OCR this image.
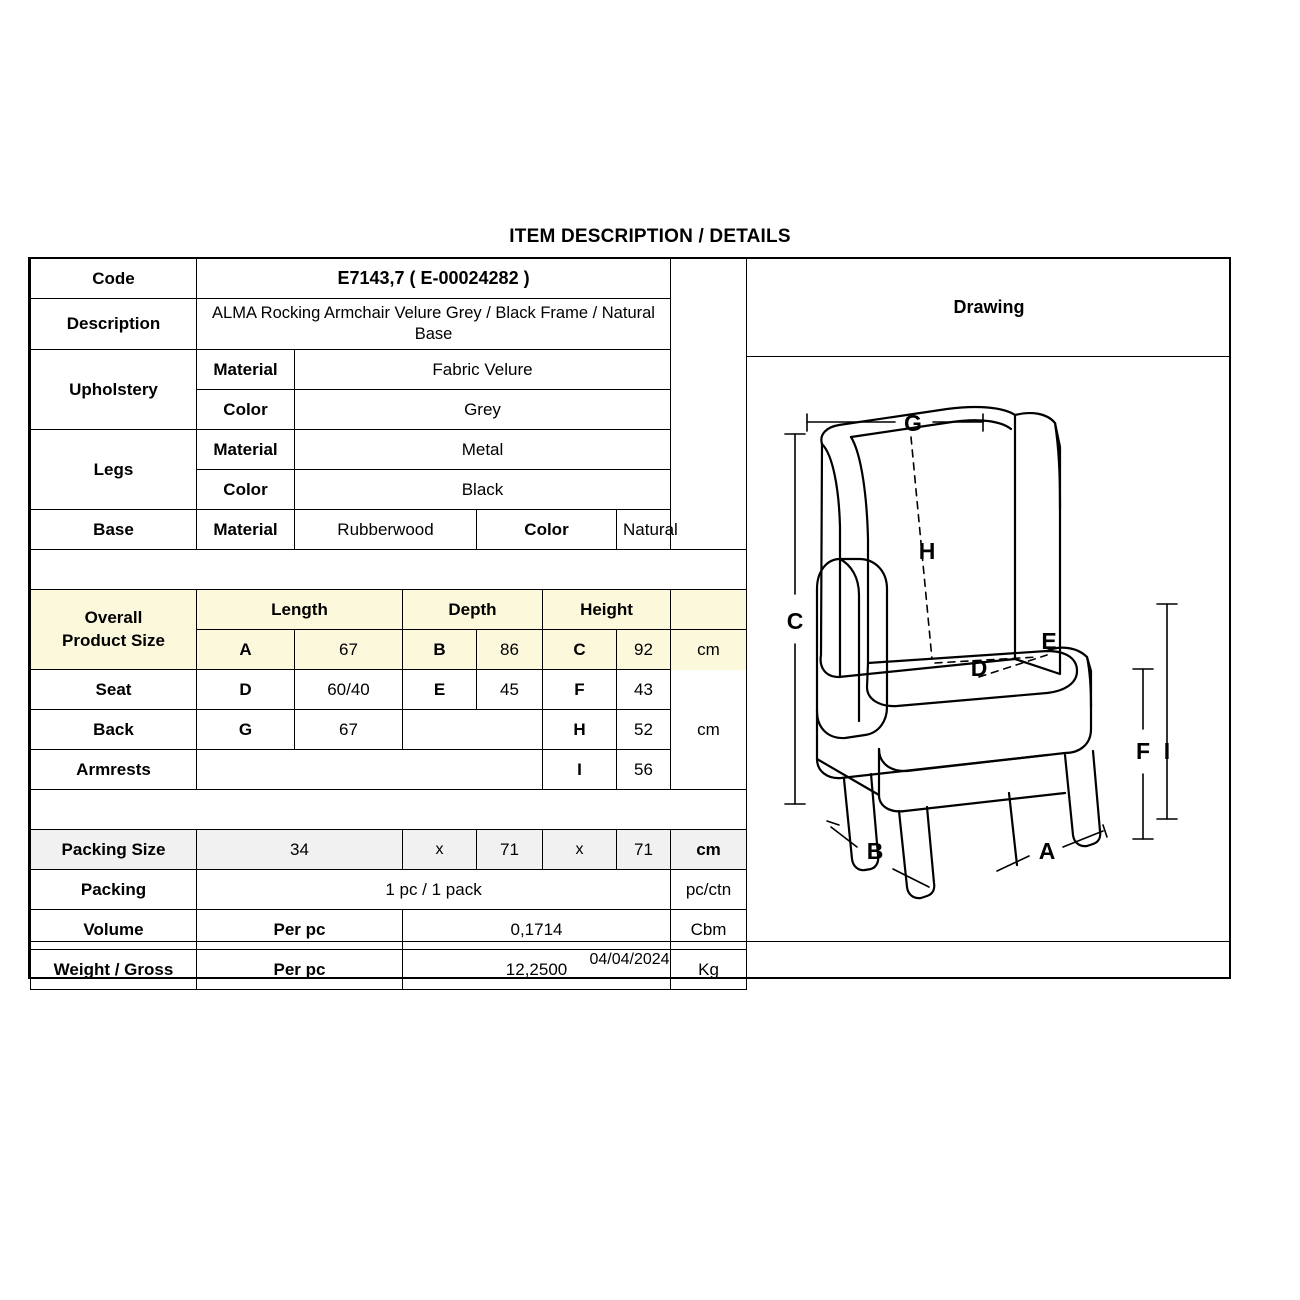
ITEM DESCRIPTION / DETAILS
Code	E7143,7 ( E-00024282 )						
Description	ALMA Rocking Armchair Velure Grey / Black Frame / Natural Base						
Upholstery	Material	Fabric Velure					
	Color	Grey					
Legs	Material	Metal					
	Color	Black					
Base	Material	Rubberwood		Color		Natural	

Overall
Product Size	Length		Depth		Height		
	A	67	B	86	C	92	cm
Seat	D	60/40	E	45	F	43	
Back	G	67			H	52	cm
Armrests					I	56	

Packing Size	34		x	71	x	71	cm
Packing	1 pc / 1 pack						pc/ctn
Volume	Per pc		0,1714				Cbm
Weight / Gross	Per pc		12,2500				Kg
Drawing
G
C
H
D
E
I
F
A
B
04/04/2024
